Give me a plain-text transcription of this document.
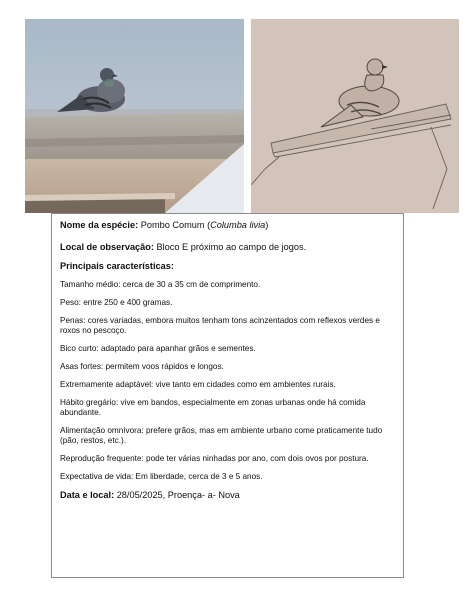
Nome da espécie: Pombo Comum (Columba livia)
Local de observação: Bloco E próximo ao campo de jogos.
Principais características:
Tamanho médio: cerca de 30 a 35 cm de comprimento.
Peso: entre 250 e 400 gramas.
Penas: cores variadas, embora muitos tenham tons acinzentados com reflexos verdes e roxos no pescoço.
Bico curto: adaptado para apanhar grãos e sementes.
Asas fortes: permitem voos rápidos e longos.
Extremamente adaptável: vive tanto em cidades como em ambientes rurais.
Hábito gregário: vive em bandos, especialmente em zonas urbanas onde há comida abundante.
Alimentação omnívora: prefere grãos, mas em ambiente urbano come praticamente tudo (pão, restos, etc.).
Reprodução frequente: pode ter várias ninhadas por ano, com dois ovos por postura.
Expectativa de vida: Em liberdade, cerca de 3 e 5 anos.
Data e local: 28/05/2025, Proença- a- Nova
